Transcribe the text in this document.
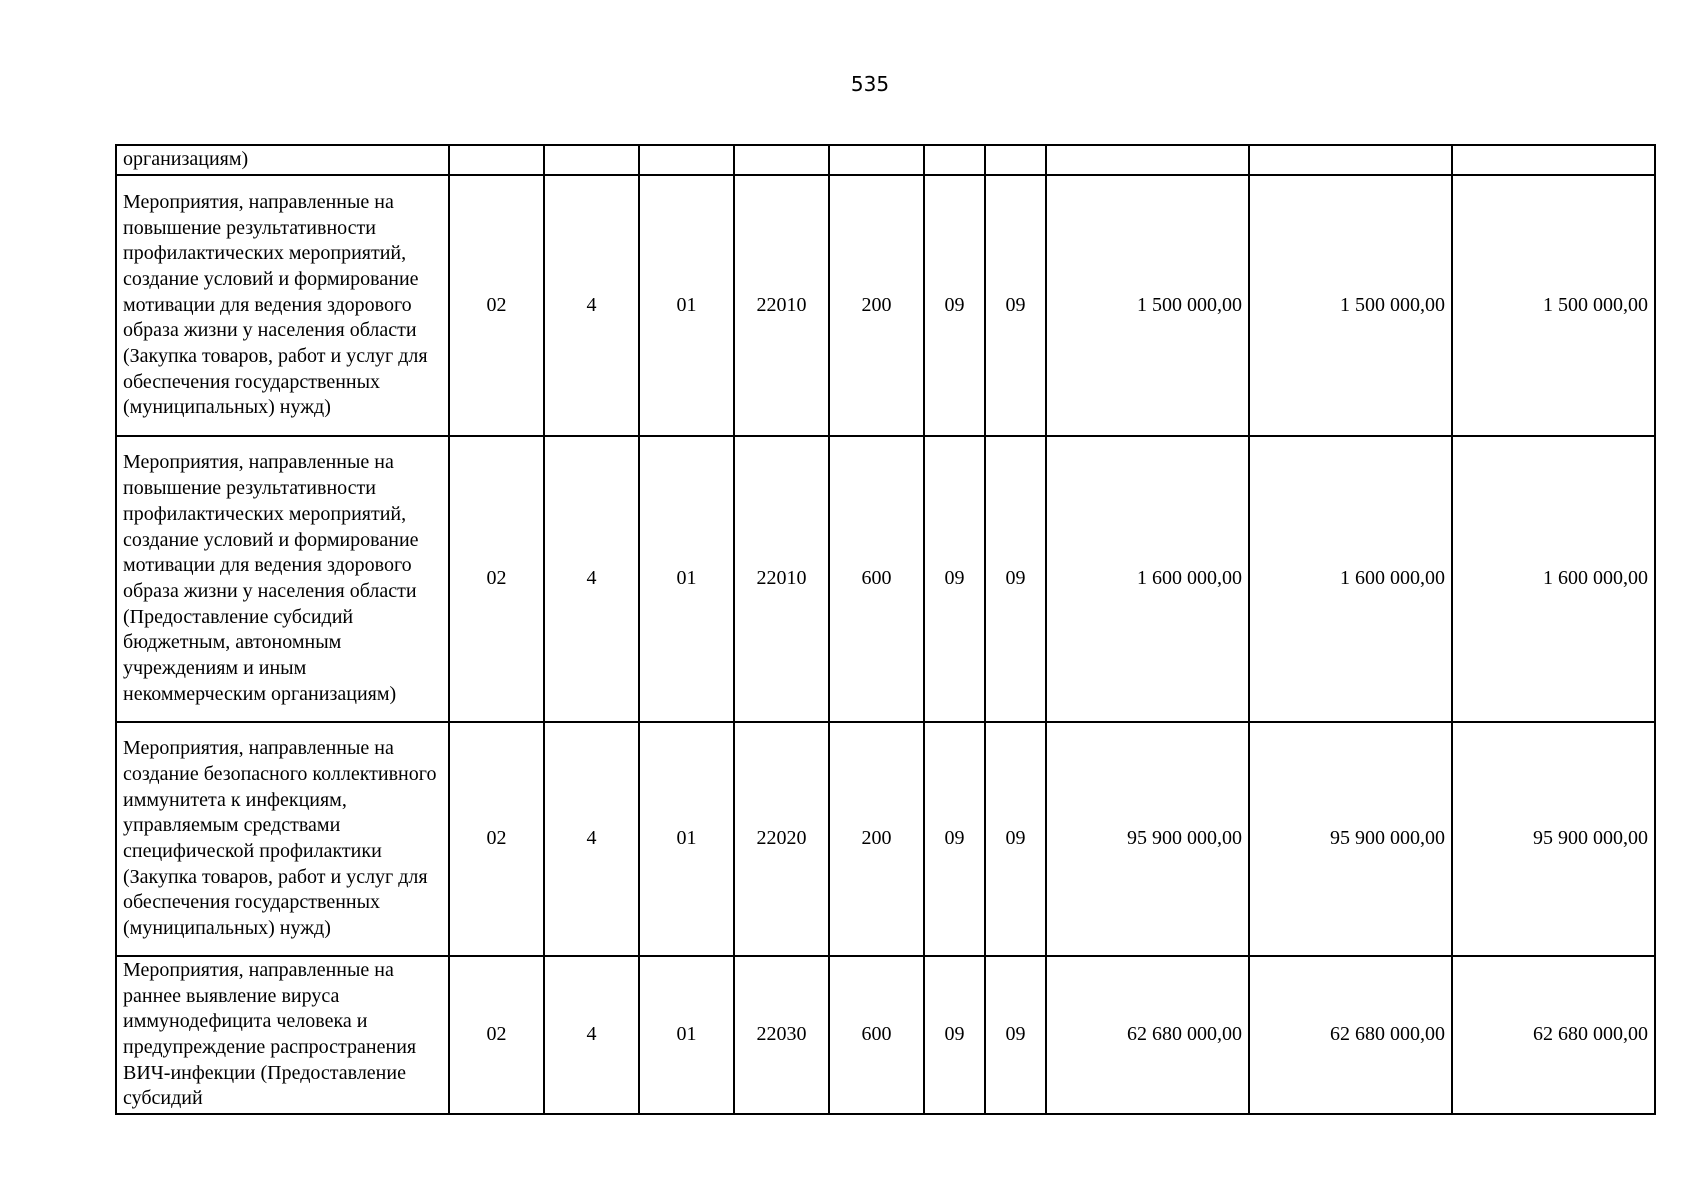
535
организациям)										
Мероприятия, направленные на повышение результативности профилактических мероприятий, создание условий и формирование мотивации для ведения здорового образа жизни у населения области (Закупка товаров, работ и услуг для обеспечения государственных (муниципальных) нужд)	02	4	01	22010	200	09	09	1 500 000,00	1 500 000,00	1 500 000,00
Мероприятия, направленные на повышение результативности профилактических мероприятий, создание условий и формирование мотивации для ведения здорового образа жизни у населения области (Предоставление субсидий бюджетным, автономным учреждениям и иным некоммерческим организациям)	02	4	01	22010	600	09	09	1 600 000,00	1 600 000,00	1 600 000,00
Мероприятия, направленные на создание безопасного коллективного иммунитета к инфекциям, управляемым средствами специфической профилактики (Закупка товаров, работ и услуг для обеспечения государственных (муниципальных) нужд)	02	4	01	22020	200	09	09	95 900 000,00	95 900 000,00	95 900 000,00
Мероприятия, направленные на раннее выявление вируса иммунодефицита человека и предупреждение распространения ВИЧ-инфекции (Предоставление субсидий	02	4	01	22030	600	09	09	62 680 000,00	62 680 000,00	62 680 000,00
